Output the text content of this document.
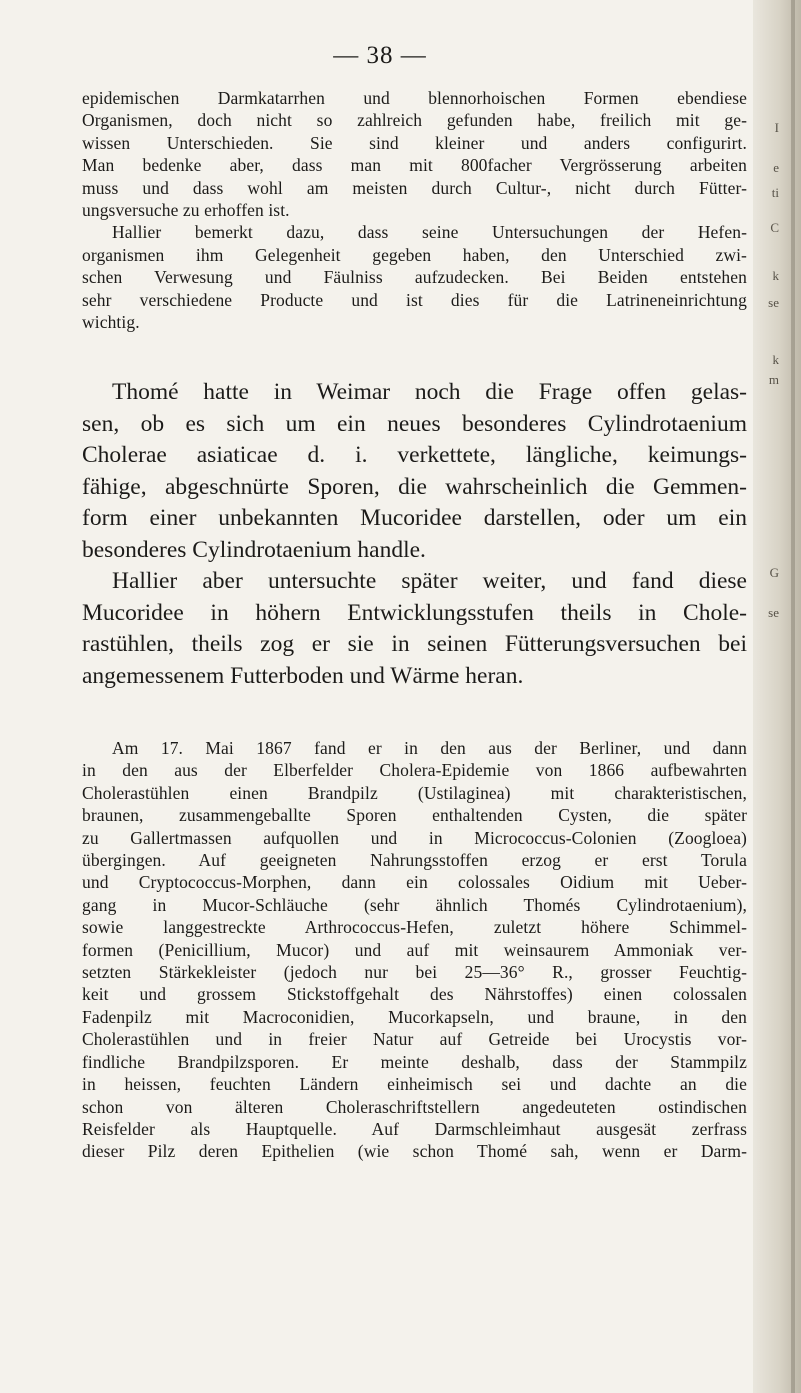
— 38 —
epidemischen Darmkatarrhen und blennorhoischen Formen ebendiese
Organismen, doch nicht so zahlreich gefunden habe, freilich mit ge-
wissen Unterschieden. Sie sind kleiner und anders configurirt.
Man bedenke aber, dass man mit 800facher Vergrösserung arbeiten
muss und dass wohl am meisten durch Cultur-, nicht durch Fütter-
ungsversuche zu erhoffen ist.
Hallier bemerkt dazu, dass seine Untersuchungen der Hefen-
organismen ihm Gelegenheit gegeben haben, den Unterschied zwi-
schen Verwesung und Fäulniss aufzudecken. Bei Beiden entstehen
sehr verschiedene Producte und ist dies für die Latrineneinrichtung
wichtig.
Thomé hatte in Weimar noch die Frage offen gelas-
sen, ob es sich um ein neues besonderes Cylindrotaenium
Cholerae asiaticae d. i. verkettete, längliche, keimungs-
fähige, abgeschnürte Sporen, die wahrscheinlich die Gemmen-
form einer unbekannten Mucoridee darstellen, oder um ein
besonderes Cylindrotaenium handle.
Hallier aber untersuchte später weiter, und fand diese
Mucoridee in höhern Entwicklungsstufen theils in Chole-
rastühlen, theils zog er sie in seinen Fütterungsversuchen bei
angemessenem Futterboden und Wärme heran.
Am 17. Mai 1867 fand er in den aus der Berliner, und dann
in den aus der Elberfelder Cholera-Epidemie von 1866 aufbewahrten
Cholerastühlen einen Brandpilz (Ustilaginea) mit charakteristischen,
braunen, zusammengeballte Sporen enthaltenden Cysten, die später
zu Gallertmassen aufquollen und in Micrococcus-Colonien (Zoogloea)
übergingen. Auf geeigneten Nahrungsstoffen erzog er erst Torula
und Cryptococcus-Morphen, dann ein colossales Oidium mit Ueber-
gang in Mucor-Schläuche (sehr ähnlich Thomés Cylindrotaenium),
sowie langgestreckte Arthrococcus-Hefen, zuletzt höhere Schimmel-
formen (Penicillium, Mucor) und auf mit weinsaurem Ammoniak ver-
setzten Stärkekleister (jedoch nur bei 25—36° R., grosser Feuchtig-
keit und grossem Stickstoffgehalt des Nährstoffes) einen colossalen
Fadenpilz mit Macroconidien, Mucorkapseln, und braune, in den
Cholerastühlen und in freier Natur auf Getreide bei Urocystis vor-
findliche Brandpilzsporen. Er meinte deshalb, dass der Stammpilz
in heissen, feuchten Ländern einheimisch sei und dachte an die
schon von älteren Choleraschriftstellern angedeuteten ostindischen
Reisfelder als Hauptquelle. Auf Darmschleimhaut ausgesät zerfrass
dieser Pilz deren Epithelien (wie schon Thomé sah, wenn er Darm-
I
e
ti
C
k
se
k
m
G
se
